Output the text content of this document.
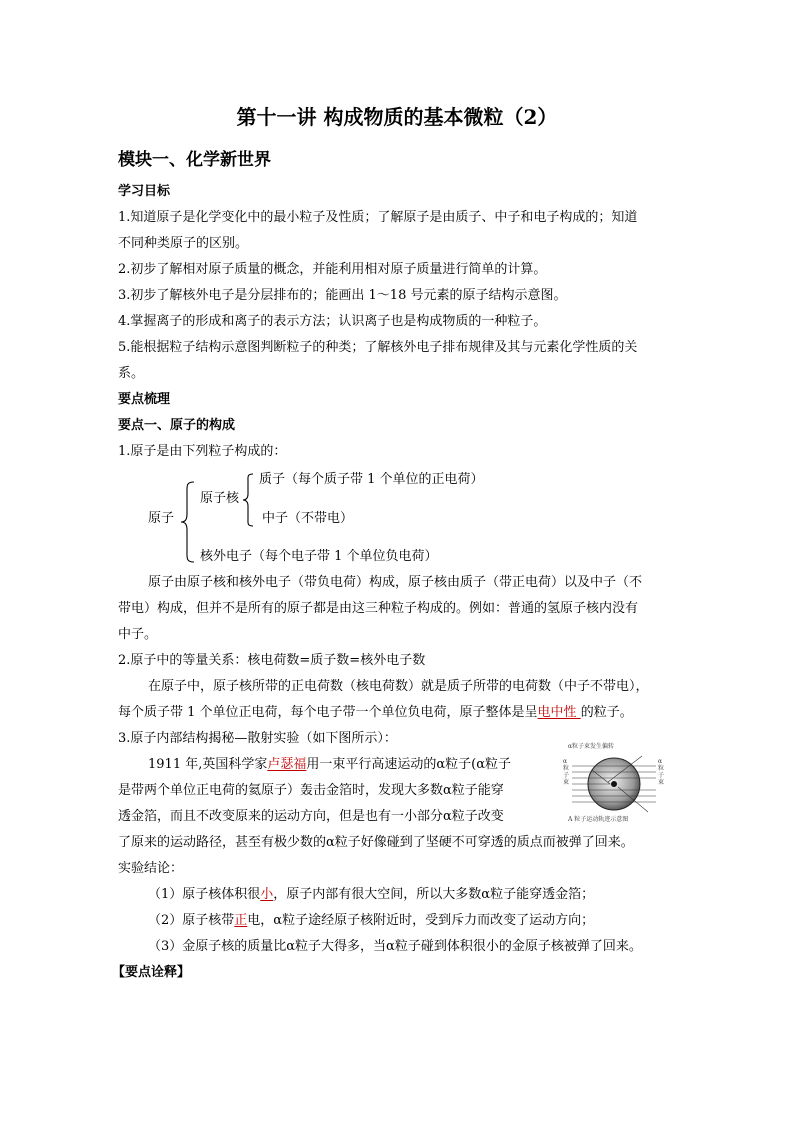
第十一讲 构成物质的基本微粒（2）
模块一、化学新世界
学习目标
1.知道原子是化学变化中的最小粒子及性质；了解原子是由质子、中子和电子构成的；知道
不同种类原子的区别。
2.初步了解相对原子质量的概念，并能利用相对原子质量进行简单的计算。
3.初步了解核外电子是分层排布的；能画出 1～18 号元素的原子结构示意图。
4.掌握离子的形成和离子的表示方法；认识离子也是构成物质的一种粒子。
5.能根据粒子结构示意图判断粒子的种类；了解核外电子排布规律及其与元素化学性质的关
系。
要点梳理
要点一、原子的构成
1.原子是由下列粒子构成的：
原子
原子核
质子（每个质子带 1 个单位的正电荷）
中子（不带电）
核外电子（每个电子带 1 个单位负电荷）
原子由原子核和核外电子（带负电荷）构成，原子核由质子（带正电荷）以及中子（不
带电）构成，但并不是所有的原子都是由这三种粒子构成的。例如：普通的氢原子核内没有
中子。
2.原子中的等量关系：核电荷数=质子数=核外电子数
在原子中，原子核所带的正电荷数（核电荷数）就是质子所带的电荷数（中子不带电），
每个质子带 1 个单位正电荷，每个电子带一个单位负电荷，原子整体是呈电中性 的粒子。
3.原子内部结构揭秘—散射实验（如下图所示）：
1911 年,英国科学家卢瑟福用一束平行高速运动的α粒子(α粒子
是带两个单位正电荷的氦原子）轰击金箔时，发现大多数α粒子能穿
透金箔，而且不改变原来的运动方向，但是也有一小部分α粒子改变
了原来的运动路径，甚至有极少数的α粒子好像碰到了坚硬不可穿透的质点而被弹了回来。
α粒子束发生偏转
α粒子束
α粒子束
A 粒子运动轨迹示意图
实验结论：
（1）原子核体积很小，原子内部有很大空间，所以大多数α粒子能穿透金箔；
（2）原子核带正电，α粒子途经原子核附近时，受到斥力而改变了运动方向；
（3）金原子核的质量比α粒子大得多，当α粒子碰到体积很小的金原子核被弹了回来。
【要点诠释】
